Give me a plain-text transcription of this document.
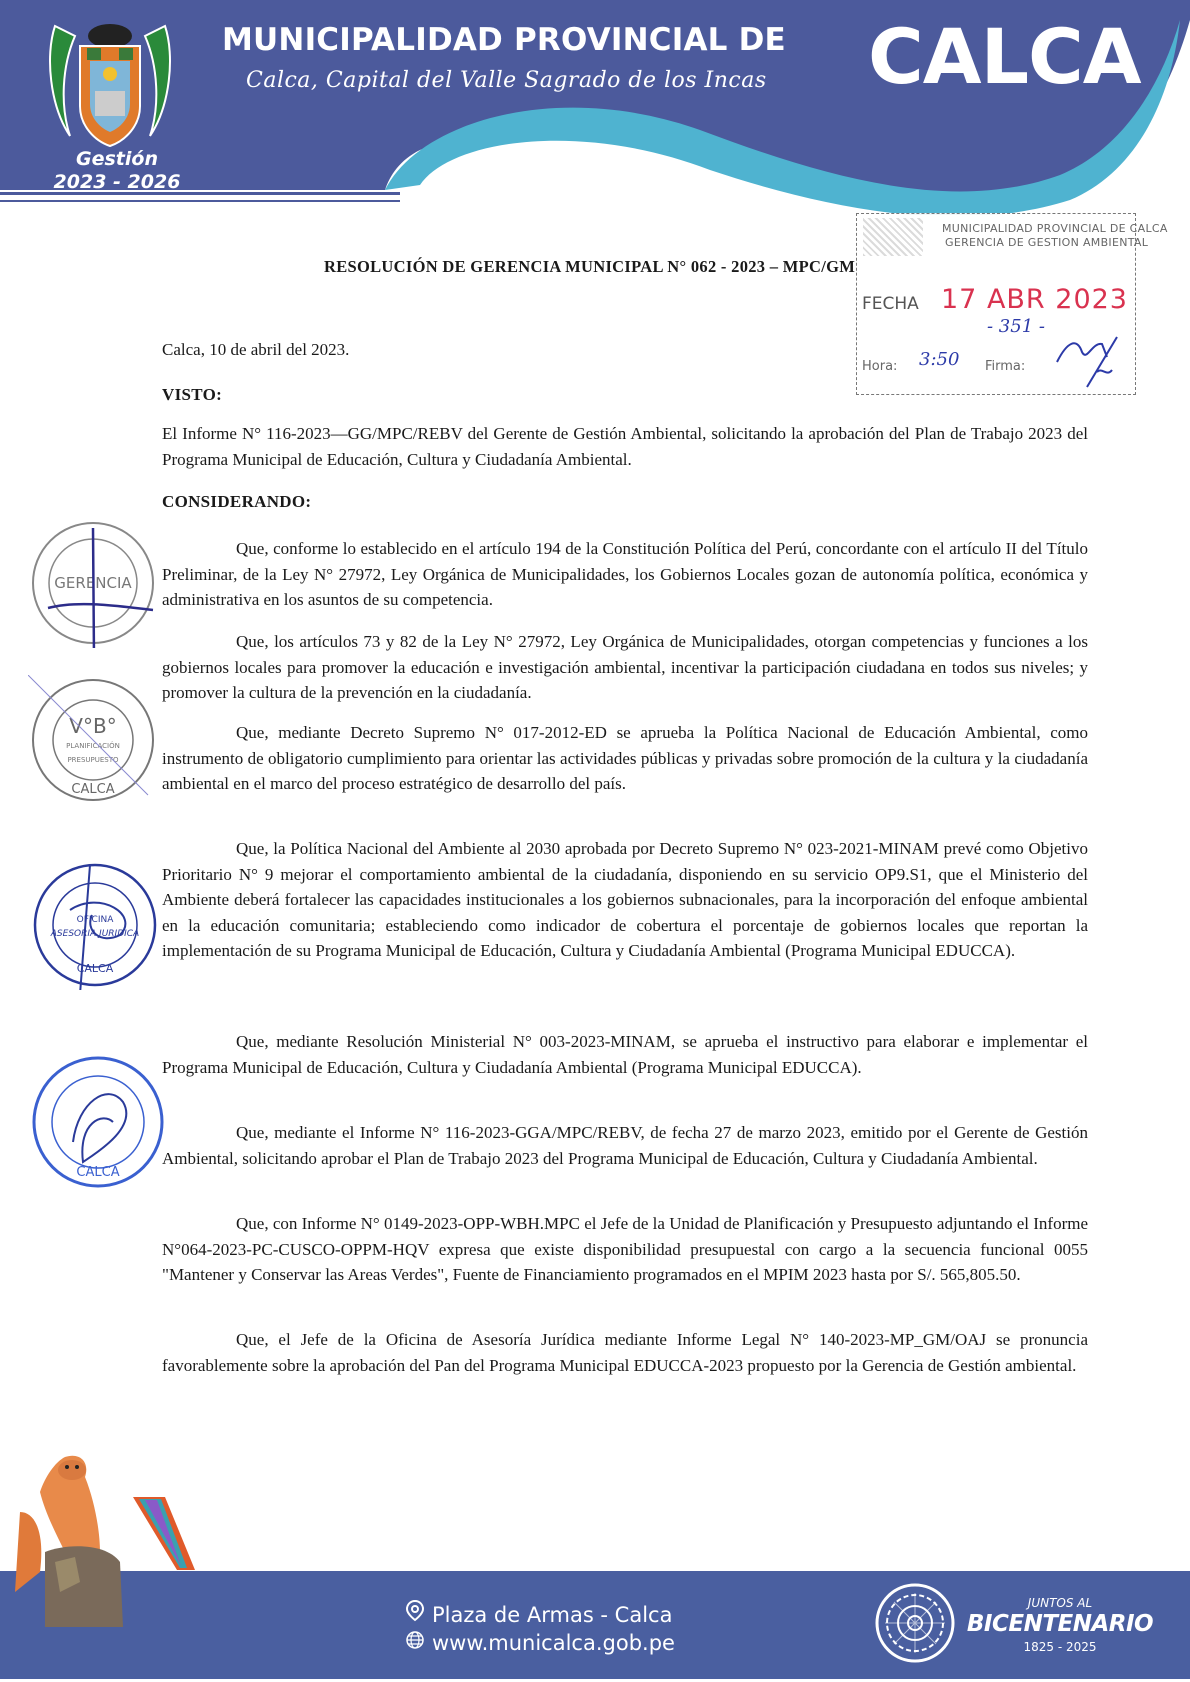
Gestión
2023 - 2026
MUNICIPALIDAD PROVINCIAL DE
Calca, Capital del Valle Sagrado de los Incas CALCA
MUNICIPALIDAD PROVINCIAL DE CALCA
GERENCIA DE GESTION AMBIENTAL
FECHA 17 ABR 2023
- 351 -
Hora: 3:50 Firma:
RESOLUCIÓN DE GERENCIA MUNICIPAL N° 062 - 2023 – MPC/GM
Calca, 10 de abril del 2023.
VISTO:
El Informe N° 116-2023—GG/MPC/REBV del Gerente de Gestión Ambiental, solicitando la aprobación del Plan de Trabajo 2023 del Programa Municipal de Educación, Cultura y Ciudadanía Ambiental.
CONSIDERANDO:
Que, conforme lo establecido en el artículo 194 de la Constitución Política del Perú, concordante con el artículo II del Título Preliminar, de la Ley N° 27972, Ley Orgánica de Municipalidades, los Gobiernos Locales gozan de autonomía política, económica y administrativa en los asuntos de su competencia.
Que, los artículos 73 y 82 de la Ley N° 27972, Ley Orgánica de Municipalidades, otorgan competencias y funciones a los gobiernos locales para promover la educación e investigación ambiental, incentivar la participación ciudadana en todos sus niveles; y promover la cultura de la prevención en la ciudadanía.
Que, mediante Decreto Supremo N° 017-2012-ED se aprueba la Política Nacional de Educación Ambiental, como instrumento de obligatorio cumplimiento para orientar las actividades públicas y privadas sobre promoción de la cultura y la ciudadanía ambiental en el marco del proceso estratégico de desarrollo del país.
Que, la Política Nacional del Ambiente al 2030 aprobada por Decreto Supremo N° 023-2021-MINAM prevé como Objetivo Prioritario N° 9 mejorar el comportamiento ambiental de la ciudadanía, disponiendo en su servicio OP9.S1, que el Ministerio del Ambiente deberá fortalecer las capacidades institucionales a los gobiernos subnacionales, para la incorporación del enfoque ambiental en la educación comunitaria; estableciendo como indicador de cobertura el porcentaje de gobiernos locales que reportan la implementación de su Programa Municipal de Educación, Cultura y Ciudadanía Ambiental (Programa Municipal EDUCCA).
Que, mediante Resolución Ministerial N° 003-2023-MINAM, se aprueba el instructivo para elaborar e implementar el Programa Municipal de Educación, Cultura y Ciudadanía Ambiental (Programa Municipal EDUCCA).
Que, mediante el Informe N° 116-2023-GGA/MPC/REBV, de fecha 27 de marzo 2023, emitido por el Gerente de Gestión Ambiental, solicitando aprobar el Plan de Trabajo 2023 del Programa Municipal de Educación, Cultura y Ciudadanía Ambiental.
Que, con Informe N° 0149-2023-OPP-WBH.MPC el Jefe de la Unidad de Planificación y Presupuesto adjuntando el Informe N°064-2023-PC-CUSCO-OPPM-HQV expresa que existe disponibilidad presupuestal con cargo a la secuencia funcional 0055 "Mantener y Conservar las Areas Verdes", Fuente de Financiamiento programados en el MPIM 2023 hasta por S/. 565,805.50.
Que, el Jefe de la Oficina de Asesoría Jurídica mediante Informe Legal N° 140-2023-MP_GM/OAJ se pronuncia favorablemente sobre la aprobación del Pan del Programa Municipal EDUCCA-2023 propuesto por la Gerencia de Gestión ambiental.
GERENCIA
V°B°
PLANIFICACIÓN
PRESUPUESTO
CALCA
OFICINA
ASESORIA JURIDICA
CALCA
CALCA
Plaza de Armas - Calca
www.municalca.gob.pe
JUNTOS AL
BICENTENARIO
1825 - 2025
